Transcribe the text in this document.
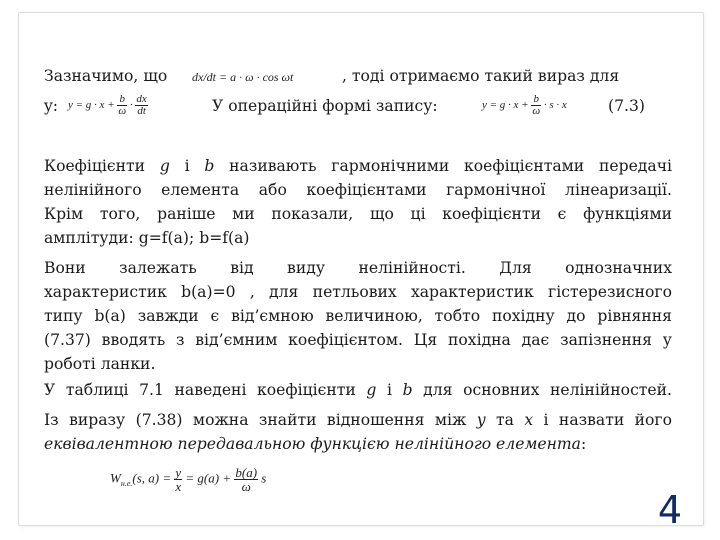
Зазначимо, що	dx/dt = a · ω · cos ωt	, тоді отримаємо такий вираз для
y: $y = g \cdot x + \frac{b}{\omega} \cdot \frac{dx}{dt}$	У операційні формі запису:	$y = g \cdot x + \frac{b}{\omega} \cdot s \cdot x$	(7.3)
Коефіцієнти g і b називають гармонічними коефіцієнтами передачі
нелінійного елемента або коефіцієнтами гармонічної лінеаризації.
Крім того, раніше ми показали, що ці коефіцієнти є функціями
амплітуди: g=f(a); b=f(a)
Вони залежать від виду нелінійності. Для однозначних
характеристик b(a)=0 , для петльових характеристик гістерезисного
типу b(a) завжди є від’ємною величиною, тобто похідну до рівняння
(7.37) вводять з від’ємним коефіцієнтом. Ця похідна дає запізнення у
роботі ланки.
У таблиці 7.1 наведені коефіцієнти g і b для основних нелінійностей.
Із виразу (7.38) можна знайти відношення між y та x і назвати його
еквівалентною передавальною функцією нелінійного елемента:
$W_{н.е.}(s$, $a) = \frac{y}{x} = g(a) + \frac{b(a)}{\omega}$ s
4
